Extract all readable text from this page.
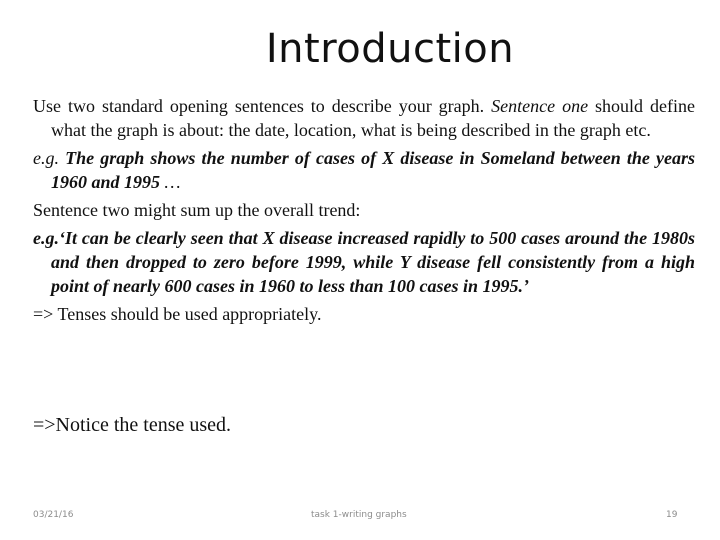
Introduction

Use two standard opening sentences to describe your graph. Sentence one should define what the graph is about: the date, location, what is being described in the graph etc.

e.g. The graph shows the number of cases of X disease in Someland between the years 1960 and 1995 …

Sentence two might sum up the overall trend:

e.g.‘It can be clearly seen that X disease increased rapidly to 500 cases around the 1980s and then dropped to zero before 1999, while Y disease fell consistently from a high point of nearly 600 cases in 1960 to less than 100 cases in 1995.’

=> Tenses should be used appropriately.

=>Notice the tense used.

03/21/16	task 1-writing graphs	19
